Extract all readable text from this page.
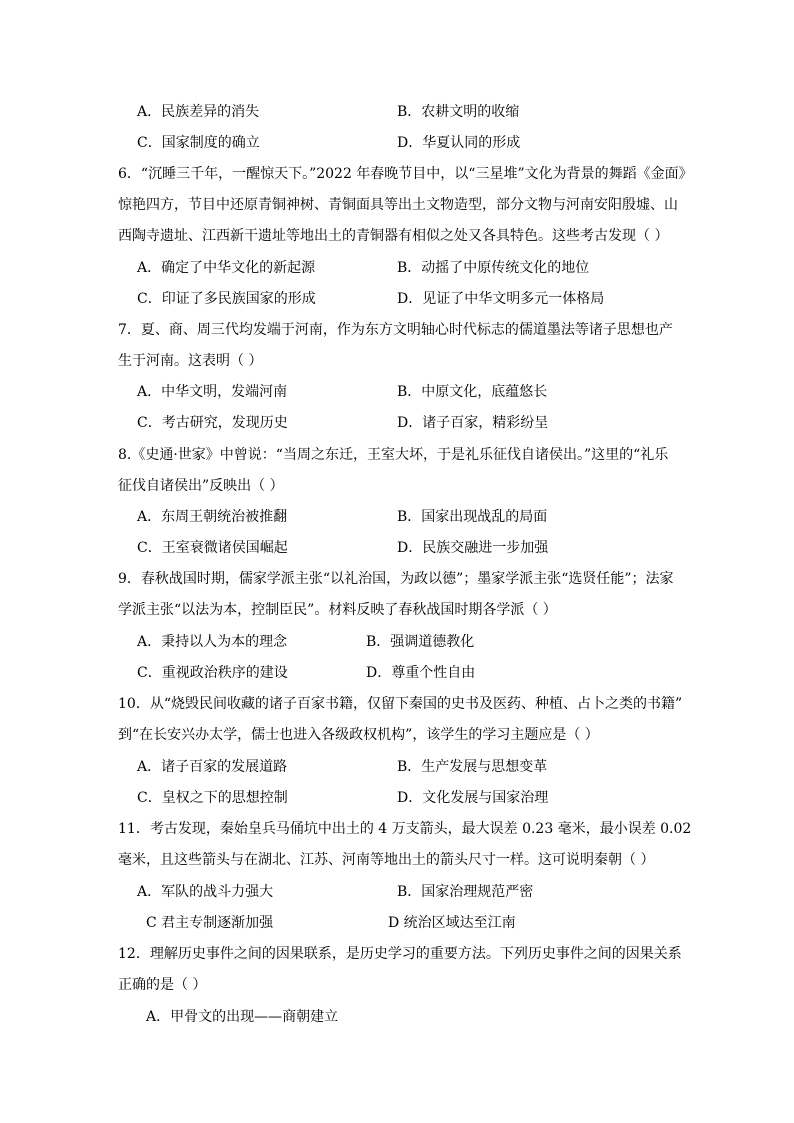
A．民族差异的消失	B．农耕文明的收缩
C．国家制度的确立	D．华夏认同的形成
6．“沉睡三千年，一醒惊天下。”2022 年春晚节目中，以“三星堆”文化为背景的舞蹈《金面》
惊艳四方，节目中还原青铜神树、青铜面具等出土文物造型，部分文物与河南安阳殷墟、山
西陶寺遗址、江西新干遗址等地出土的青铜器有相似之处又各具特色。这些考古发现（ ）
A．确定了中华文化的新起源	B．动摇了中原传统文化的地位
C．印证了多民族国家的形成	D．见证了中华文明多元一体格局
7．夏、商、周三代均发端于河南，作为东方文明轴心时代标志的儒道墨法等诸子思想也产
生于河南。这表明（ ）
A．中华文明，发端河南	B．中原文化，底蕴悠长
C．考古研究，发现历史	D．诸子百家，精彩纷呈
8.《史通·世家》中曾说：“当周之东迁，王室大坏，于是礼乐征伐自诸侯出。”这里的“礼乐
征伐自诸侯出”反映出（ ）
A．东周王朝统治被推翻	B．国家出现战乱的局面
C．王室衰微诸侯国崛起	D．民族交融进一步加强
9．春秋战国时期，儒家学派主张“以礼治国，为政以德”；墨家学派主张“选贤任能”；法家
学派主张“以法为本，控制臣民”。材料反映了春秋战国时期各学派（ ）
A．秉持以人为本的理念	B．强调道德教化
C．重视政治秩序的建设	D．尊重个性自由
10．从“烧毁民间收藏的诸子百家书籍，仅留下秦国的史书及医药、种植、占卜之类的书籍”
到“在长安兴办太学，儒士也进入各级政权机构”，该学生的学习主题应是（ ）
A．诸子百家的发展道路	B．生产发展与思想变革
C．皇权之下的思想控制	D．文化发展与国家治理
11．考古发现，秦始皇兵马俑坑中出土的 4 万支箭头，最大误差 0.23 毫米，最小误差 0.02
毫米，且这些箭头与在湖北、江苏、河南等地出土的箭头尺寸一样。这可说明秦朝（ ）
A．军队的战斗力强大	B．国家治理规范严密
C 君主专制逐渐加强	D 统治区域达至江南
12．理解历史事件之间的因果联系，是历史学习的重要方法。下列历史事件之间的因果关系
正确的是（ ）
A．甲骨文的出现——商朝建立
